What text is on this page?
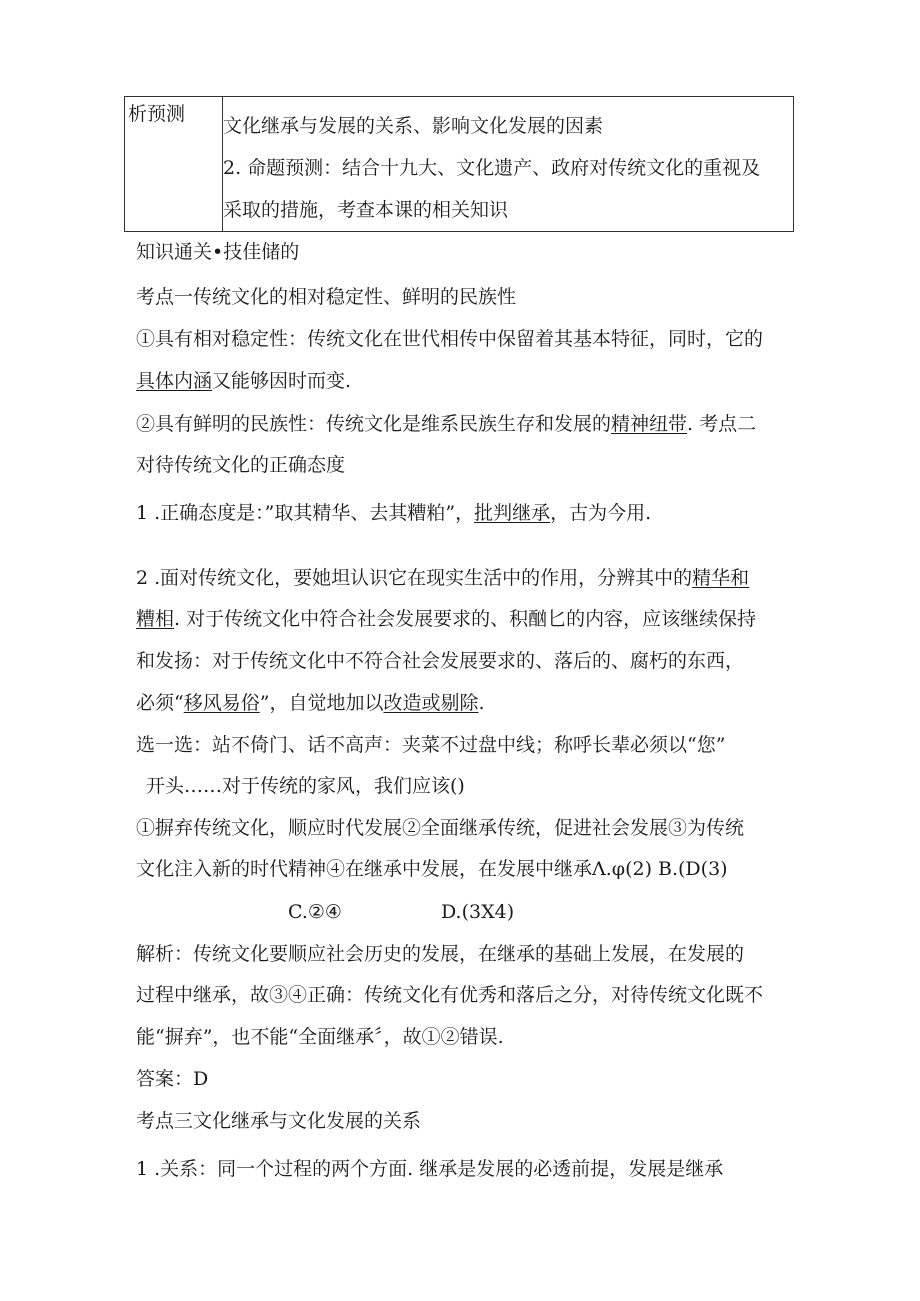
析预测

文化继承与发展的关系、影响文化发展的因素
2. 命题预测：结合十九大、文化遗产、政府对传统文化的重视及
采取的措施，考查本课的相关知识
知识通关•技佳储的
考点一传统文化的相对稳定性、鲜明的民族性
①具有相对稳定性：传统文化在世代相传中保留着其基本特征，同时，它的
具体内涵又能够因时而变.
②具有鲜明的民族性：传统文化是维系民族生存和发展的精神纽带. 考点二
对待传统文化的正确态度
1 .正确态度是：”取其精华、去其糟粕”，批判继承，古为今用.
2 .面对传统文化，要她坦认识它在现实生活中的作用，分辨其中的精华和
糟相. 对于传统文化中符合社会发展要求的、积酗匕的内容，应该继续保持
和发扬：对于传统文化中不符合社会发展要求的、落后的、腐朽的东西，
必须“移风易俗”，自觉地加以改造或剔除.
选一选：站不倚门、话不高声：夹菜不过盘中线；称呼长辈必须以“您”
开头……对于传统的家风，我们应该()
①摒弃传统文化，顺应时代发展②全面继承传统，促进社会发展③为传统
文化注入新的时代精神④在继承中发展，在发展中继承Λ.φ(2) B.(D(3)
C.②④	D.(3X4)
解析：传统文化要顺应社会历史的发展，在继承的基础上发展，在发展的
过程中继承，故③④正确：传统文化有优秀和落后之分，对待传统文化既不
能“摒弃”，也不能“全面继承〞，故①②错误.
答案：D
考点三文化继承与文化发展的关系
1 .关系：同一个过程的两个方面. 继承是发展的必透前提，发展是继承
